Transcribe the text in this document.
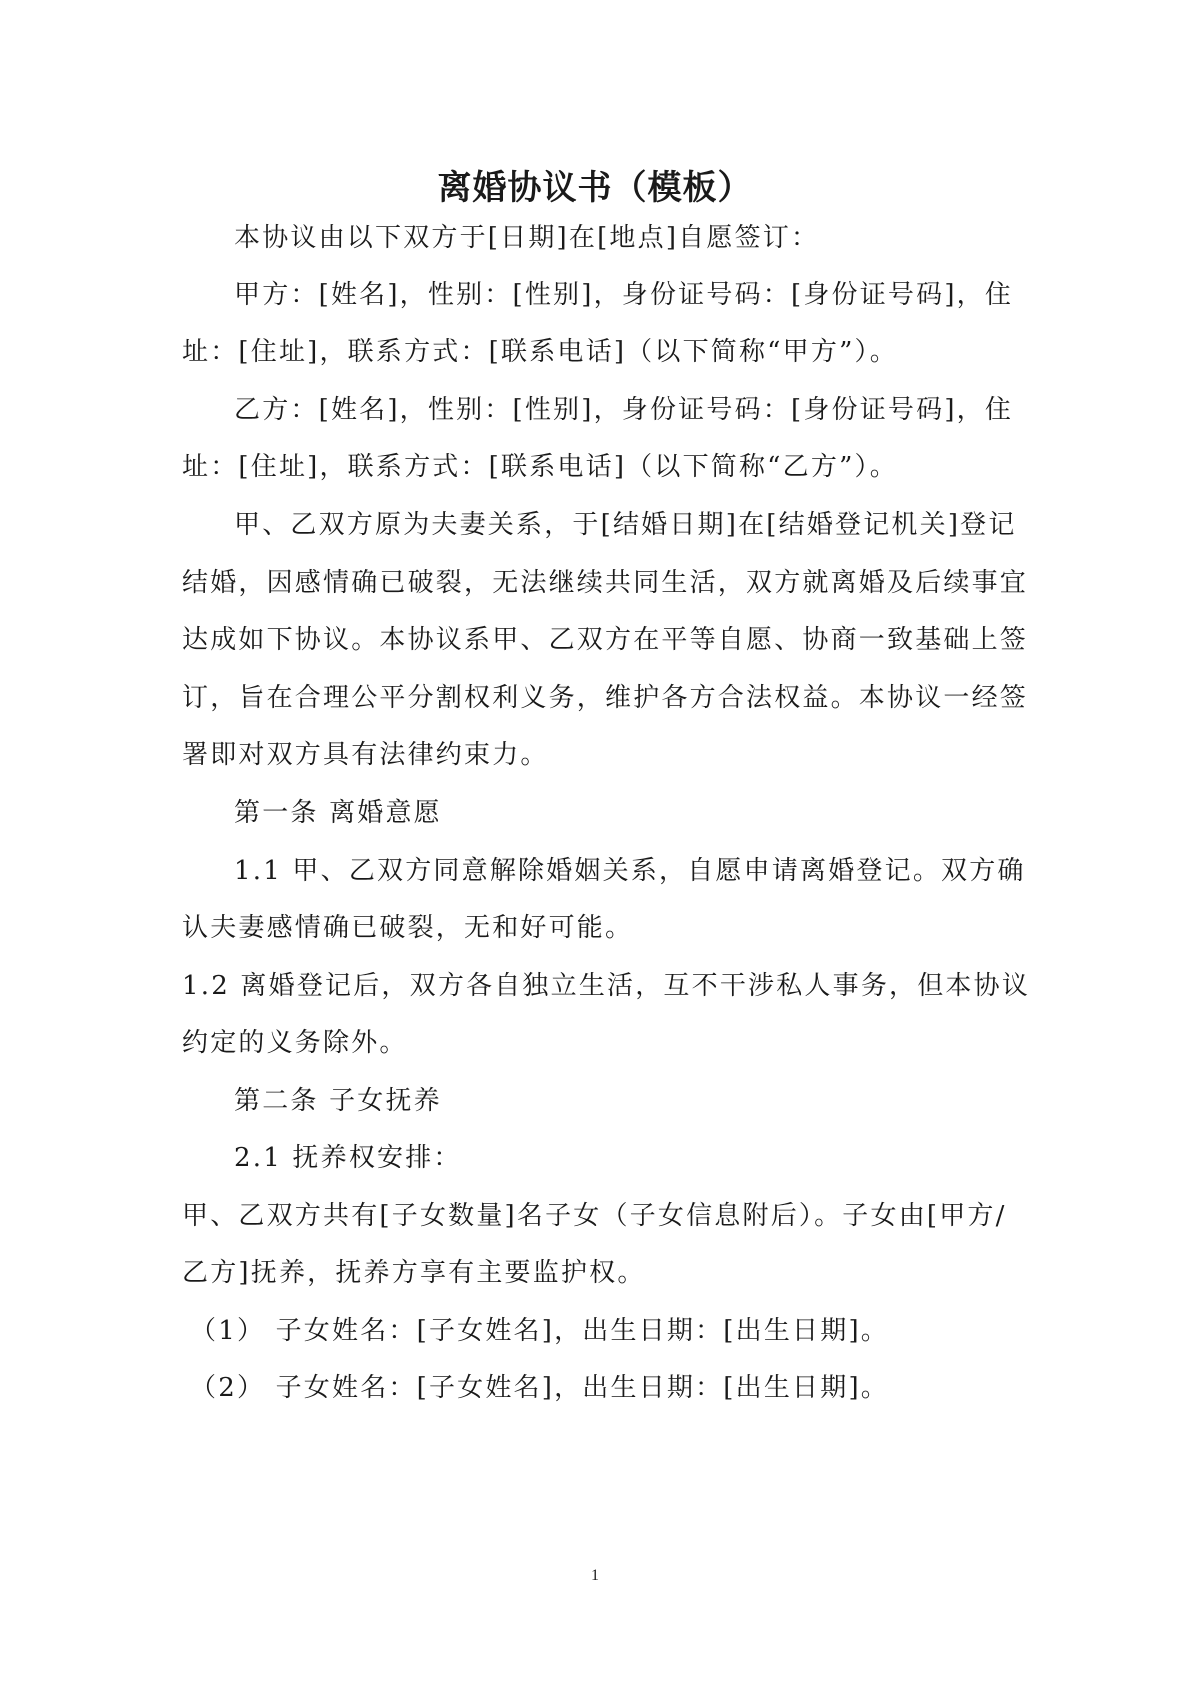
离婚协议书（模板）

本协议由以下双方于[日期]在[地点]自愿签订：

甲方：[姓名]，性别：[性别]，身份证号码：[身份证号码]，住

址：[住址]，联系方式：[联系电话]（以下简称“甲方”）。

乙方：[姓名]，性别：[性别]，身份证号码：[身份证号码]，住

址：[住址]，联系方式：[联系电话]（以下简称“乙方”）。

甲、乙双方原为夫妻关系，于[结婚日期]在[结婚登记机关]登记

结婚，因感情确已破裂，无法继续共同生活，双方就离婚及后续事宜

达成如下协议。本协议系甲、乙双方在平等自愿、协商一致基础上签

订，旨在合理公平分割权利义务，维护各方合法权益。本协议一经签

署即对双方具有法律约束力。

第一条 离婚意愿

1.1 甲、乙双方同意解除婚姻关系，自愿申请离婚登记。双方确

认夫妻感情确已破裂，无和好可能。

1.2 离婚登记后，双方各自独立生活，互不干涉私人事务，但本协议

约定的义务除外。

第二条 子女抚养

2.1 抚养权安排：

甲、乙双方共有[子女数量]名子女（子女信息附后）。子女由[甲方/

乙方]抚养，抚养方享有主要监护权。

（1） 子女姓名：[子女姓名]，出生日期：[出生日期]。

（2） 子女姓名：[子女姓名]，出生日期：[出生日期]。

1
